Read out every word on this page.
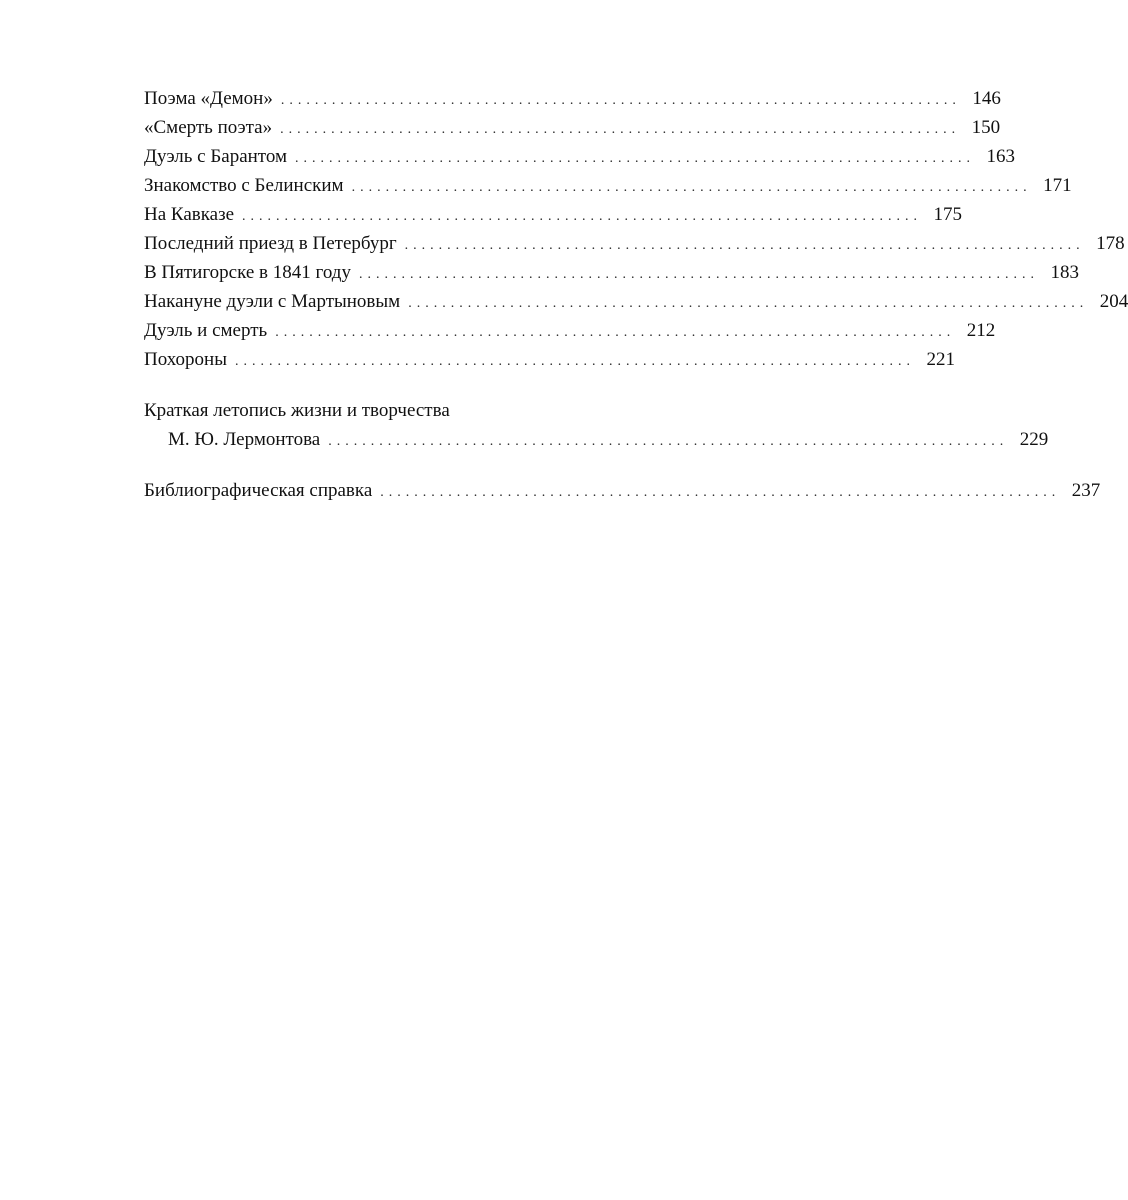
Поэма «Демон» ................................................................................ 146
«Смерть поэта» ................................................................................ 150
Дуэль с Барантом ................................................................................ 163
Знакомство с Белинским ................................................................................ 171
На Кавказе ................................................................................ 175
Последний приезд в Петербург ................................................................................ 178
В Пятигорске в 1841 году ................................................................................ 183
Накануне дуэли с Мартыновым ................................................................................ 204
Дуэль и смерть ................................................................................ 212
Похороны ................................................................................ 221
Краткая летопись жизни и творчества
М. Ю. Лермонтова ................................................................................ 229
Библиографическая справка ................................................................................ 237
